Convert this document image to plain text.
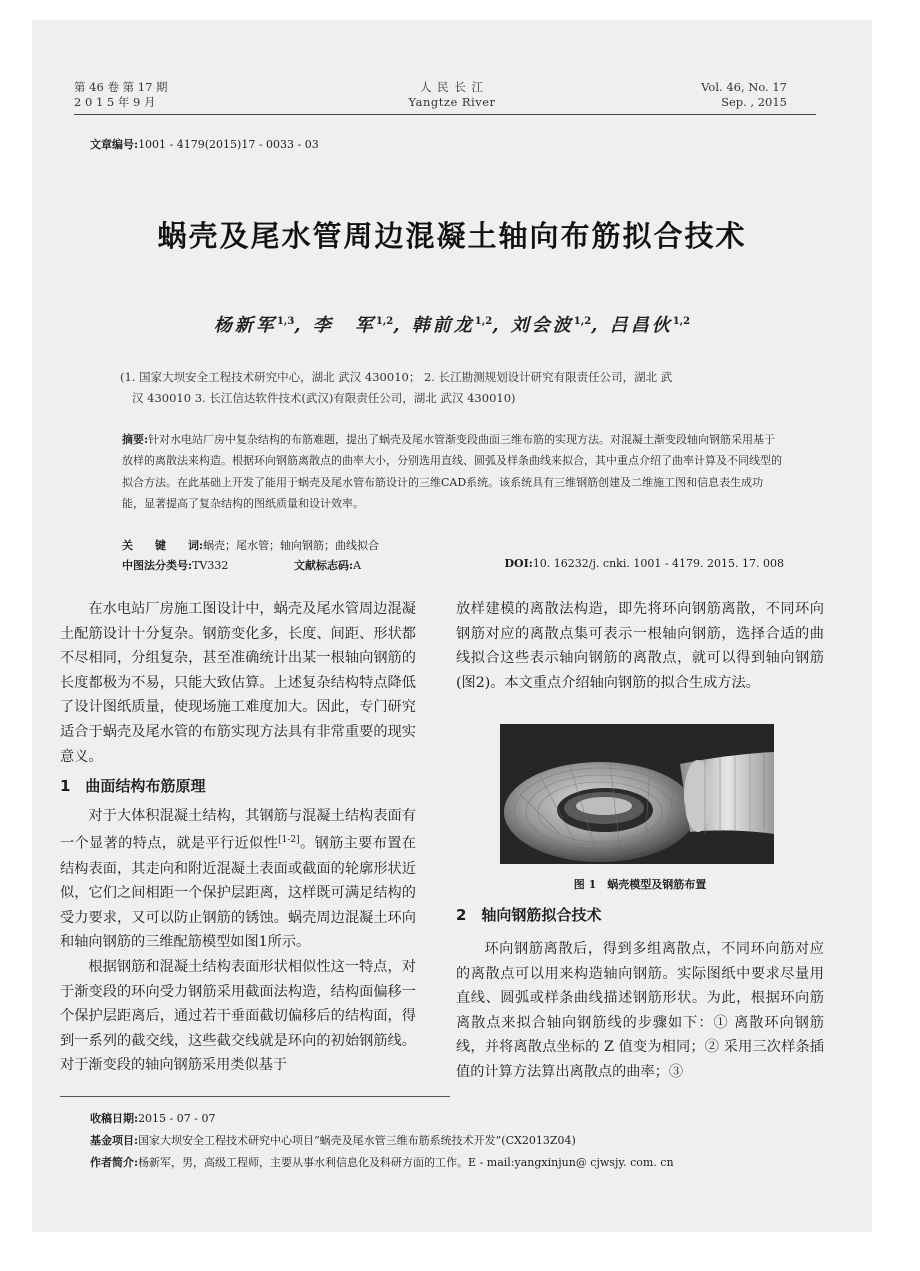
第 46 卷 第 17 期
2 0 1 5 年 9 月
人 民 长 江
Yangtze River
Vol. 46, No. 17
Sep. , 2015
文章编号:1001 - 4179(2015)17 - 0033 - 03
蜗壳及尾水管周边混凝土轴向布筋拟合技术
杨新军$^{1,3}$, 李　军$^{1,2}$, 韩前龙$^{1,2}$, 刘会波$^{1,2}$, 吕昌伙$^{1,2}$
(1. 国家大坝安全工程技术研究中心，湖北 武汉 430010； 2. 长江勘测规划设计研究有限责任公司，湖北 武
汉 430010 3. 长江信达软件技术(武汉)有限责任公司，湖北 武汉 430010)
摘要:针对水电站厂房中复杂结构的布筋难题，提出了蜗壳及尾水管渐变段曲面三维布筋的实现方法。对混凝土渐变段轴向钢筋采用基于放样的离散法来构造。根据环向钢筋离散点的曲率大小，分别选用直线、圆弧及样条曲线来拟合，其中重点介绍了曲率计算及不同线型的拟合方法。在此基础上开发了能用于蜗壳及尾水管布筋设计的三维CAD系统。该系统具有三维钢筋创建及二维施工图和信息表生成功能，显著提高了复杂结构的图纸质量和设计效率。
关　　键　　词:蜗壳；尾水管；轴向钢筋；曲线拟合
中图法分类号:TV332	文献标志码:A	DOI:10. 16232/j. cnki. 1001 - 4179. 2015. 17. 008

在水电站厂房施工图设计中，蜗壳及尾水管周边混凝土配筋设计十分复杂。钢筋变化多，长度、间距、形状都不尽相同，分组复杂，甚至准确统计出某一根轴向钢筋的长度都极为不易，只能大致估算。上述复杂结构特点降低了设计图纸质量，使现场施工难度加大。因此，专门研究适合于蜗壳及尾水管的布筋实现方法具有非常重要的现实意义。

1　曲面结构布筋原理

对于大体积混凝土结构，其钢筋与混凝土结构表面有一个显著的特点，就是平行近似性[1-2]。钢筋主要布置在结构表面，其走向和附近混凝土表面或截面的轮廓形状近似，它们之间相距一个保护层距离，这样既可满足结构的受力要求，又可以防止钢筋的锈蚀。蜗壳周边混凝土环向和轴向钢筋的三维配筋模型如图1所示。

根据钢筋和混凝土结构表面形状相似性这一特点，对于渐变段的环向受力钢筋采用截面法构造，结构面偏移一个保护层距离后，通过若干垂面截切偏移后的结构面，得到一系列的截交线，这些截交线就是环向的初始钢筋线。对于渐变段的轴向钢筋采用类似基于

放样建模的离散法构造，即先将环向钢筋离散，不同环向钢筋对应的离散点集可表示一根轴向钢筋，选择合适的曲线拟合这些表示轴向钢筋的离散点，就可以得到轴向钢筋(图2)。本文重点介绍轴向钢筋的拟合生成方法。

图 1　蜗壳模型及钢筋布置
2　轴向钢筋拟合技术

环向钢筋离散后，得到多组离散点，不同环向筋对应的离散点可以用来构造轴向钢筋。实际图纸中要求尽量用直线、圆弧或样条曲线描述钢筋形状。为此，根据环向筋离散点来拟合轴向钢筋线的步骤如下：① 离散环向钢筋线，并将离散点坐标的 Z 值变为相同；② 采用三次样条插值的计算方法算出离散点的曲率；③

收稿日期:2015 - 07 - 07
基金项目:国家大坝安全工程技术研究中心项目“蜗壳及尾水管三维布筋系统技术开发”(CX2013Z04)
作者简介:杨新军，男，高级工程师，主要从事水利信息化及科研方面的工作。E - mail:yangxinjun@ cjwsjy. com. cn
